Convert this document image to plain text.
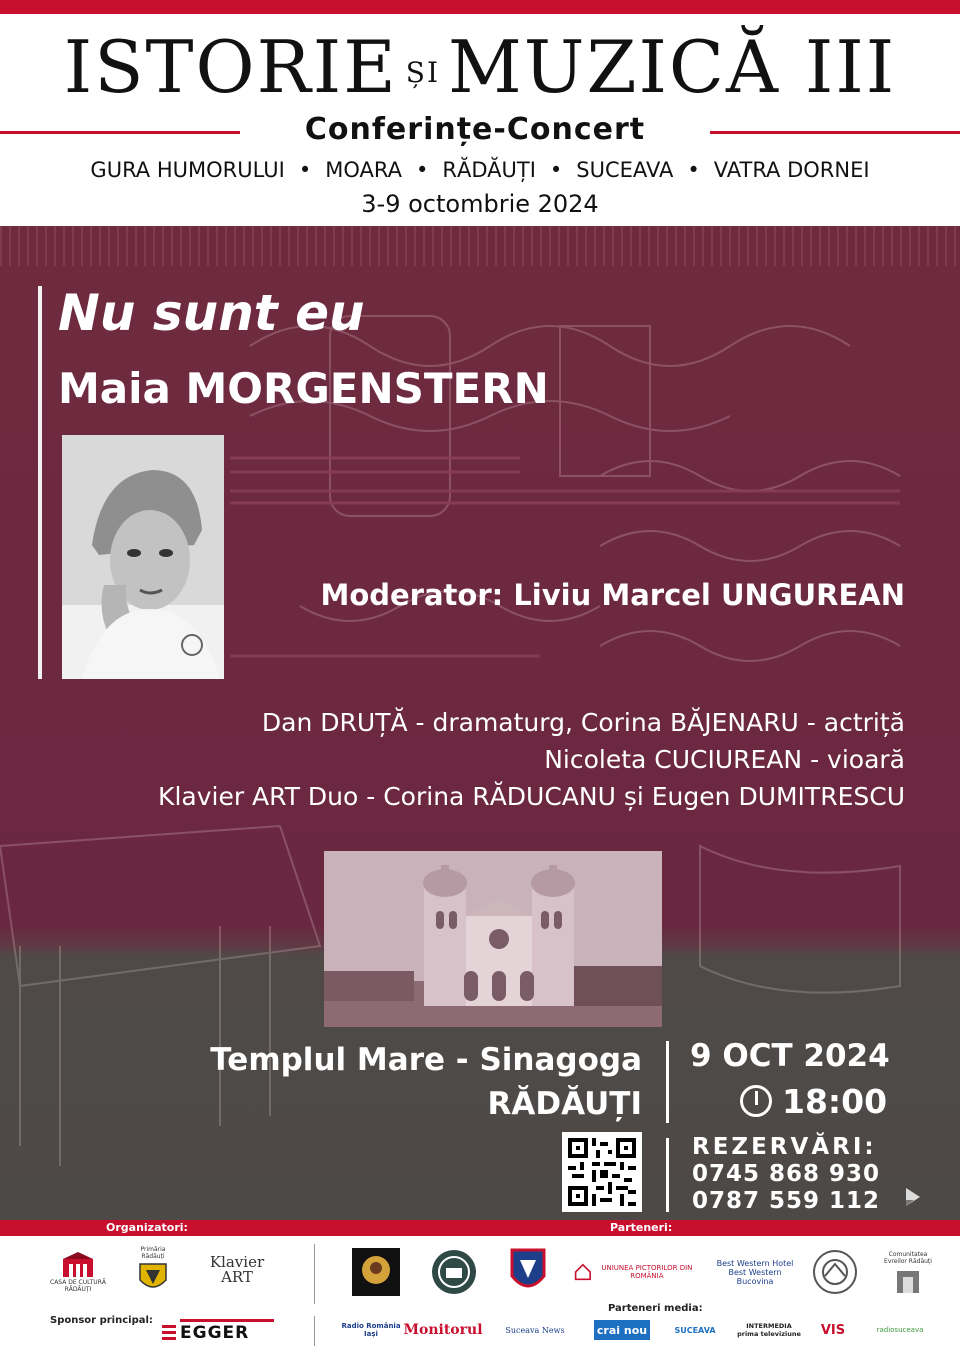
ISTORIE ȘI MUZICĂ III
Conferințe-Concert
GURA HUMORULUI • MOARA • RĂDĂUȚI • SUCEAVA • VATRA DORNEI
3-9 octombrie 2024
Nu sunt eu
Maia MORGENSTERN
Moderator: Liviu Marcel UNGUREAN
Dan DRUȚĂ - dramaturg, Corina BĂJENARU - actriță
Nicoleta CUCIUREAN - vioară
Klavier ART Duo - Corina RĂDUCANU și Eugen DUMITRESCU
Templul Mare - Sinagoga
RĂDĂUȚI
9 OCT 2024
18:00
REZERVĂRI:
0745 868 930
0787 559 112
Organizatori:	Parteneri:
CASA DE CULTURĂ RĂDĂUȚI
Primăria Rădăuți	Klavier ART	UNIUNEA PICTORILOR DIN ROMÂNIA
Best Western Hotel Best Western Bucovina
Comunitatea Evreilor Rădăuți
Sponsor principal:
EGGER
Parteneri media:
Radio România Iași	Monitorul	Suceava News	crai nou	SUCEAVA	INTERMEDIA prima televiziune	VIS	radiosuceava
